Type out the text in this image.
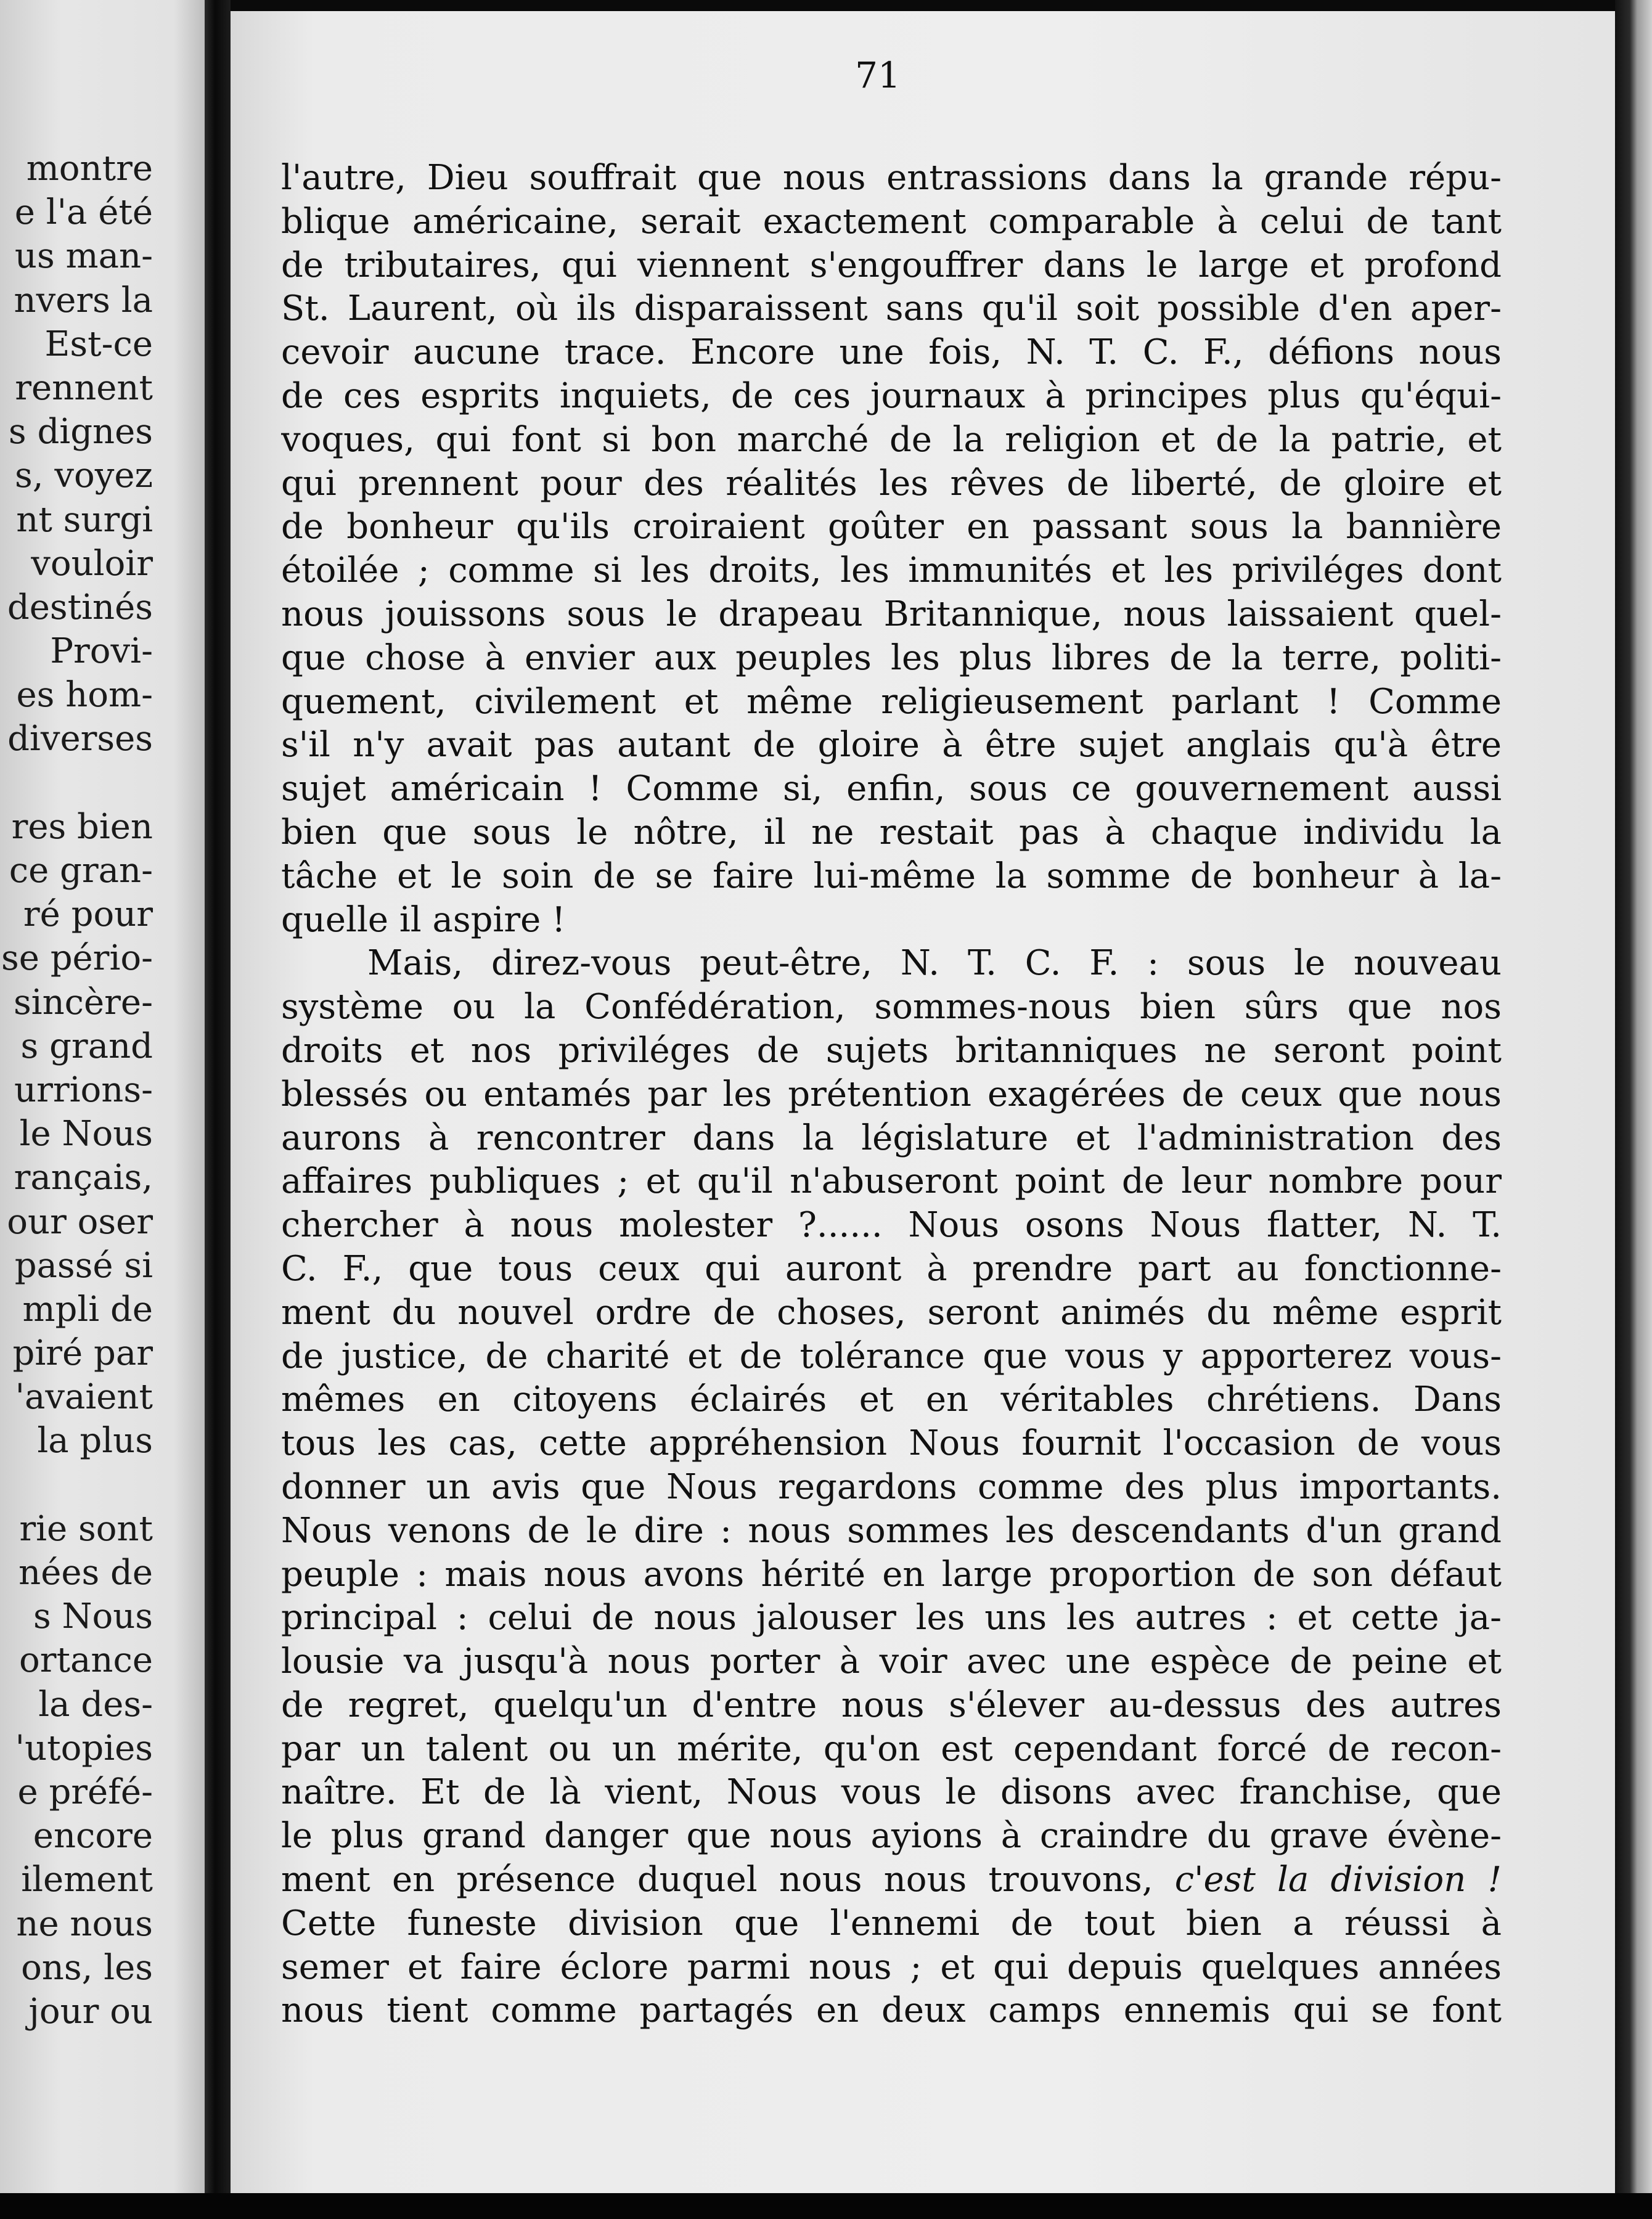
montre
e l'a été
us man-
nvers la
Est-ce
rennent
s dignes
s, voyez
nt surgi
vouloir
destinés
Provi-
es hom-
diverses
res bien
ce gran-
ré pour
se pério-
sincère-
s grand
urrions-
le Nous
rançais,
our oser
passé si
mpli de
piré par
'avaient
la plus
rie sont
nées de
s Nous
ortance
la des-
'utopies
e préfé-
encore
ilement
ne nous
ons, les
jour ou
71
l'autre, Dieu souffrait que nous entrassions dans la grande répu-
blique américaine, serait exactement comparable à celui de tant
de tributaires, qui viennent s'engouffrer dans le large et profond
St. Laurent, où ils disparaissent sans qu'il soit possible d'en aper-
cevoir aucune trace. Encore une fois, N. T. C. F., défions nous
de ces esprits inquiets, de ces journaux à principes plus qu'équi-
voques, qui font si bon marché de la religion et de la patrie, et
qui prennent pour des réalités les rêves de liberté, de gloire et
de bonheur qu'ils croiraient goûter en passant sous la bannière
étoilée ; comme si les droits, les immunités et les priviléges dont
nous jouissons sous le drapeau Britannique, nous laissaient quel-
que chose à envier aux peuples les plus libres de la terre, politi-
quement, civilement et même religieusement parlant ! Comme
s'il n'y avait pas autant de gloire à être sujet anglais qu'à être
sujet américain ! Comme si, enfin, sous ce gouvernement aussi
bien que sous le nôtre, il ne restait pas à chaque individu la
tâche et le soin de se faire lui-même la somme de bonheur à la-
quelle il aspire !
Mais, direz-vous peut-être, N. T. C. F. : sous le nouveau
système ou la Confédération, sommes-nous bien sûrs que nos
droits et nos priviléges de sujets britanniques ne seront point
blessés ou entamés par les prétention exagérées de ceux que nous
aurons à rencontrer dans la législature et l'administration des
affaires publiques ; et qu'il n'abuseront point de leur nombre pour
chercher à nous molester ?...... Nous osons Nous flatter, N. T.
C. F., que tous ceux qui auront à prendre part au fonctionne-
ment du nouvel ordre de choses, seront animés du même esprit
de justice, de charité et de tolérance que vous y apporterez vous-
mêmes en citoyens éclairés et en véritables chrétiens. Dans
tous les cas, cette appréhension Nous fournit l'occasion de vous
donner un avis que Nous regardons comme des plus importants.
Nous venons de le dire : nous sommes les descendants d'un grand
peuple : mais nous avons hérité en large proportion de son défaut
principal : celui de nous jalouser les uns les autres : et cette ja-
lousie va jusqu'à nous porter à voir avec une espèce de peine et
de regret, quelqu'un d'entre nous s'élever au-dessus des autres
par un talent ou un mérite, qu'on est cependant forcé de recon-
naître. Et de là vient, Nous vous le disons avec franchise, que
le plus grand danger que nous ayions à craindre du grave évène-
ment en présence duquel nous nous trouvons, c'est la division !
Cette funeste division que l'ennemi de tout bien a réussi à
semer et faire éclore parmi nous ; et qui depuis quelques années
nous tient comme partagés en deux camps ennemis qui se font
